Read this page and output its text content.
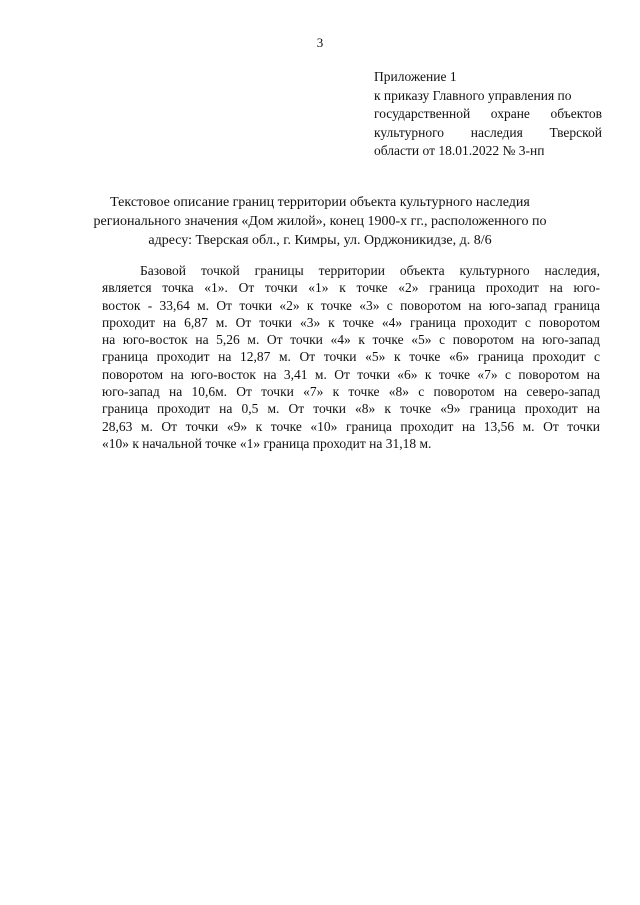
3
Приложение 1
к приказу Главного управления по
государственной охране объектов
культурного наследия Тверской
области от 18.01.2022 № 3-нп
Текстовое описание границ территории объекта культурного наследия
регионального значения «Дом жилой», конец 1900-х гг., расположенного по
адресу: Тверская обл., г. Кимры, ул. Орджоникидзе, д. 8/6
Базовой точкой границы территории объекта культурного наследия,
является точка «1». От точки «1» к точке «2» граница проходит на юго-
восток - 33,64 м. От точки «2» к точке «3» с поворотом на юго-запад граница
проходит на 6,87 м. От точки «3» к точке «4» граница проходит с поворотом
на юго-восток на 5,26 м. От точки «4» к точке «5» с поворотом на юго-запад
граница проходит на 12,87 м. От точки «5» к точке «6» граница проходит с
поворотом на юго-восток на 3,41 м. От точки «6» к точке «7» с поворотом на
юго-запад на 10,6м. От точки «7» к точке «8» с поворотом на северо-запад
граница проходит на 0,5 м. От точки «8» к точке «9» граница проходит на
28,63 м. От точки «9» к точке «10» граница проходит на 13,56 м. От точки
«10» к начальной точке «1» граница проходит на 31,18 м.
